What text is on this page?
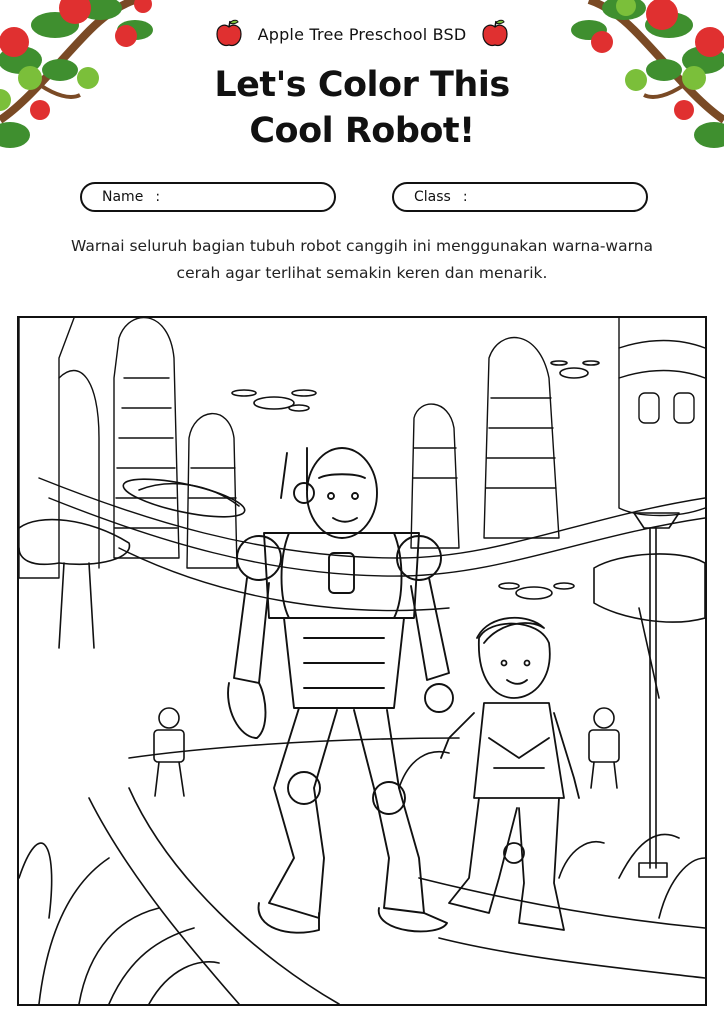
Apple Tree Preschool BSD
Let's Color This
Cool Robot!
Name :	Class :
Warnai seluruh bagian tubuh robot canggih ini menggunakan warna-warna cerah agar terlihat semakin keren dan menarik.
